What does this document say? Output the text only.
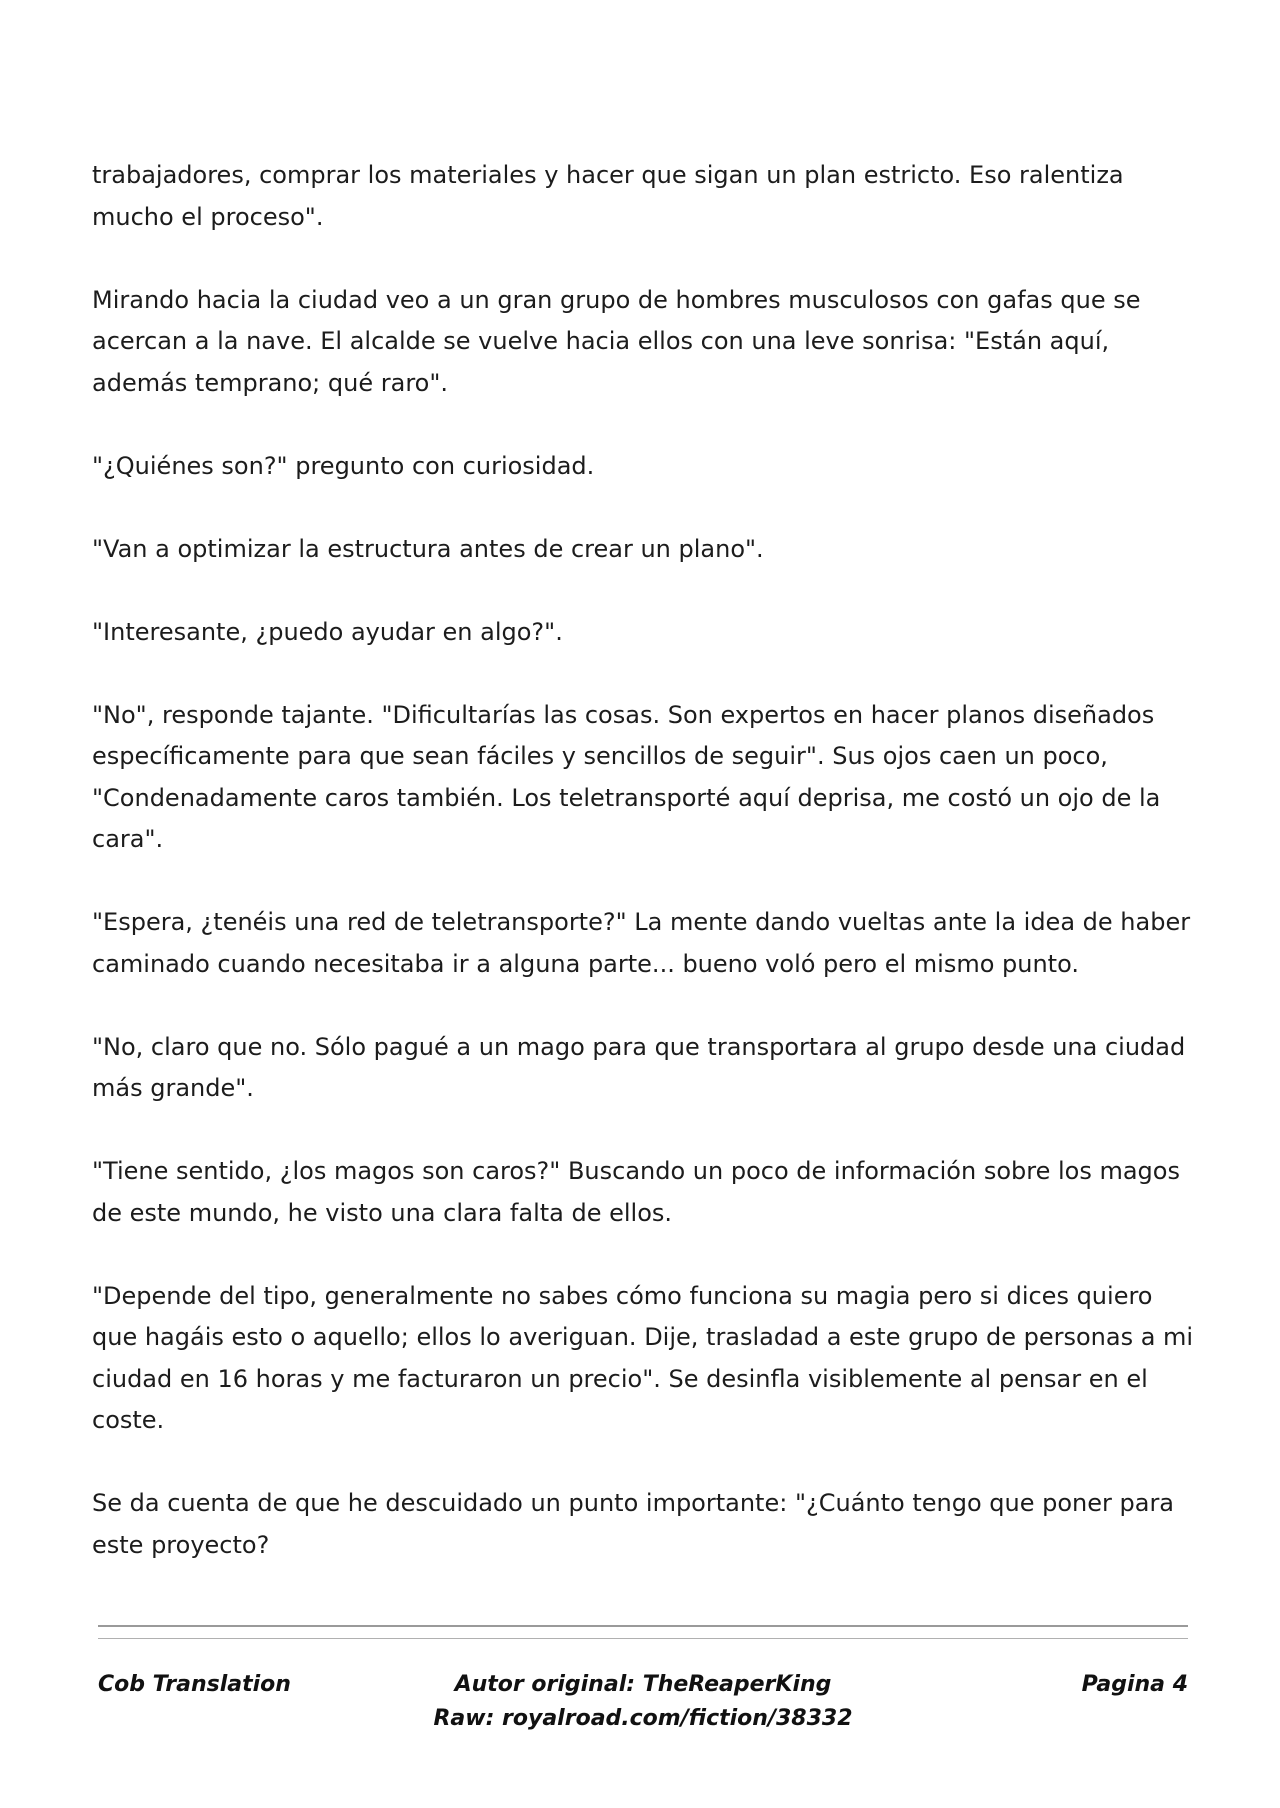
trabajadores, comprar los materiales y hacer que sigan un plan estricto. Eso ralentiza mucho el proceso".

Mirando hacia la ciudad veo a un gran grupo de hombres musculosos con gafas que se acercan a la nave. El alcalde se vuelve hacia ellos con una leve sonrisa: "Están aquí, además temprano; qué raro".

"¿Quiénes son?" pregunto con curiosidad.

"Van a optimizar la estructura antes de crear un plano".

"Interesante, ¿puedo ayudar en algo?".

"No", responde tajante. "Dificultarías las cosas. Son expertos en hacer planos diseñados específicamente para que sean fáciles y sencillos de seguir". Sus ojos caen un poco, "Condenadamente caros también. Los teletransporté aquí deprisa, me costó un ojo de la cara".

"Espera, ¿tenéis una red de teletransporte?" La mente dando vueltas ante la idea de haber caminado cuando necesitaba ir a alguna parte... bueno voló pero el mismo punto.

"No, claro que no. Sólo pagué a un mago para que transportara al grupo desde una ciudad más grande".

"Tiene sentido, ¿los magos son caros?" Buscando un poco de información sobre los magos de este mundo, he visto una clara falta de ellos.

"Depende del tipo, generalmente no sabes cómo funciona su magia pero si dices quiero que hagáis esto o aquello; ellos lo averiguan. Dije, trasladad a este grupo de personas a mi ciudad en 16 horas y me facturaron un precio". Se desinfla visiblemente al pensar en el coste.

Se da cuenta de que he descuidado un punto importante: "¿Cuánto tengo que poner para este proyecto?

Cob Translation	Autor original: TheReaperKing
Raw: royalroad.com/fiction/38332
Pagina 4
